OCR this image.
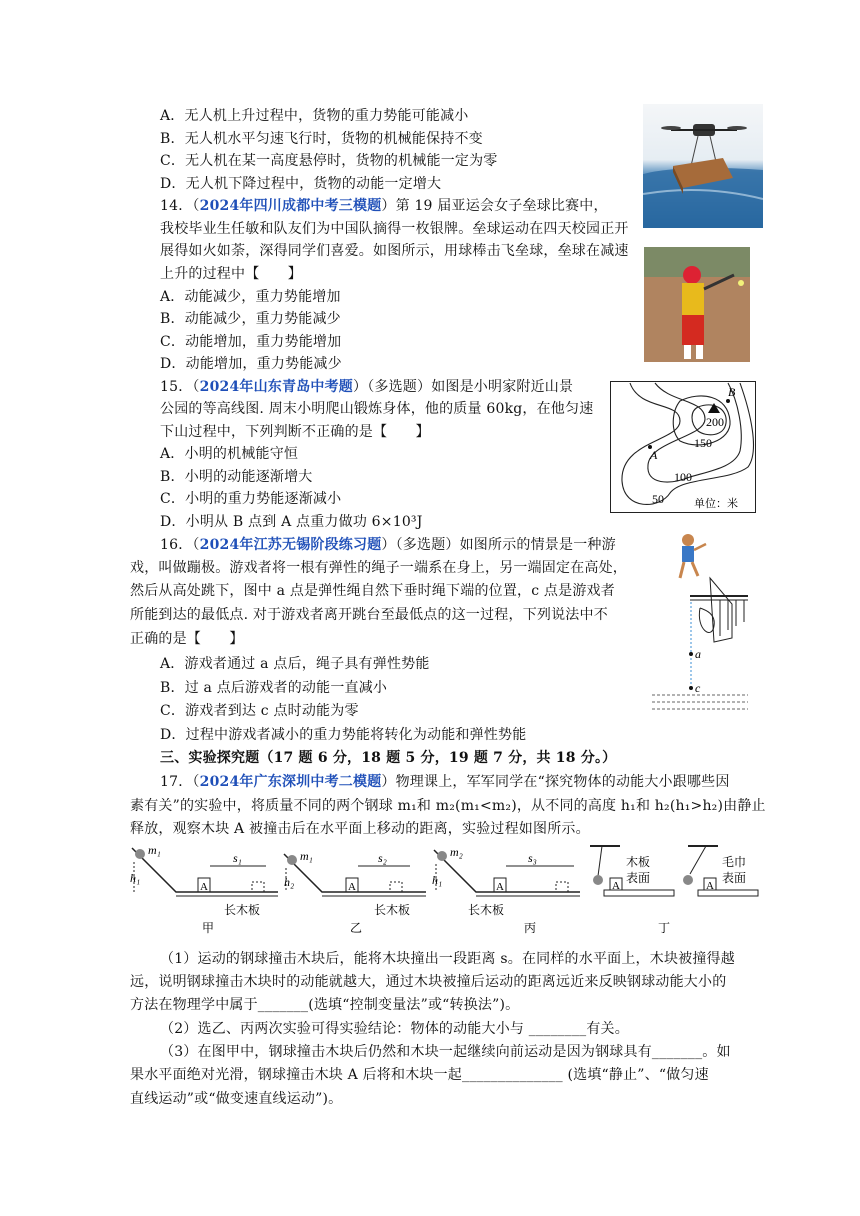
A．无人机上升过程中，货物的重力势能可能减小
B．无人机水平匀速飞行时，货物的机械能保持不变
C．无人机在某一高度悬停时，货物的机械能一定为零
D．无人机下降过程中，货物的动能一定增大
14．（2024年四川成都中考三模题）第 19 届亚运会女子垒球比赛中，
我校毕业生任敏和队友们为中国队摘得一枚银牌。垒球运动在四天校园正开
展得如火如荼，深得同学们喜爱。如图所示，用球棒击飞垒球，垒球在减速
上升的过程中【　　】
A．动能减少，重力势能增加
B．动能减少，重力势能减少
C．动能增加，重力势能增加
D．动能增加，重力势能减少
15．（2024年山东青岛中考题）（多选题）如图是小明家附近山景
公园的等高线图. 周末小明爬山锻炼身体，他的质量 60kg，在他匀速
下山过程中，下列判断不正确的是【　　】
A．小明的机械能守恒
B．小明的动能逐渐增大
C．小明的重力势能逐渐减小
D．小明从 B 点到 A 点重力做功 6×10³J
B
A
200
150
100
50	单位：米
16．（2024年江苏无锡阶段练习题）（多选题）如图所示的情景是一种游
戏，叫做蹦极。游戏者将一根有弹性的绳子一端系在身上，另一端固定在高处，
然后从高处跳下，图中 a 点是弹性绳自然下垂时绳下端的位置，c 点是游戏者
所能到达的最低点. 对于游戏者离开跳台至最低点的这一过程，下列说法中不
正确的是【　　】
A．游戏者通过 a 点后，绳子具有弹性势能
B．过 a 点后游戏者的动能一直减小
C．游戏者到达 c 点时动能为零
D．过程中游戏者减小的重力势能将转化为动能和弹性势能
a
c
三、实验探究题（17 题 6 分，18 题 5 分，19 题 7 分，共 18 分。）
17．（2024年广东深圳中考二模题）物理课上，军军同学在“探究物体的动能大小跟哪些因
素有关”的实验中，将质量不同的两个钢球 m₁和 m₂(m₁<m₂)，从不同的高度 h₁和 h₂(h₁>h₂)由静止
释放，观察木块 A 被撞击后在水平面上移动的距离，实验过程如图所示。
m₁
h₁
A
s₁
长木板
甲
m₁
h₂	A
s₂
长木板
乙
m₂
h₁	A
s₃
长木板
丙
A
木板
表面
A
毛巾
表面
丁
（1）运动的钢球撞击木块后，能将木块撞出一段距离 s。在同样的水平面上，木块被撞得越
远，说明钢球撞击木块时的动能就越大，通过木块被撞后运动的距离远近来反映钢球动能大小的
方法在物理学中属于_______(选填“控制变量法”或“转换法”)。
（2）选乙、丙两次实验可得实验结论：物体的动能大小与 ________有关。
（3）在图甲中，钢球撞击木块后仍然和木块一起继续向前运动是因为钢球具有_______。如
果水平面绝对光滑，钢球撞击木块 A 后将和木块一起______________ (选填“静止”、“做匀速
直线运动”或“做变速直线运动”)。
